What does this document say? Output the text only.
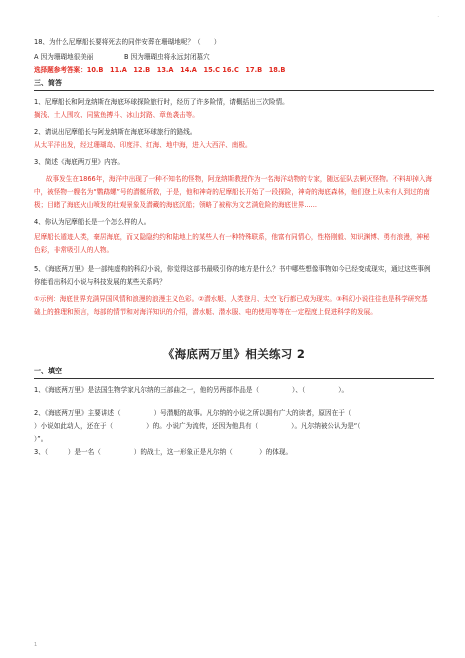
·
18、为什么尼摩船长要将死去的同伴安葬在珊瑚地呢？（　　）
A 因为珊瑚地很美丽	B 因为珊瑚虫将永远封闭墓穴
选择题参考答案：10.B　11.A　12.B　13.A　14.A　15.C 16.C　17.B　18.B
三、简答
1、尼摩船长和阿龙纳斯在海底环球探险旅行时，经历了许多险情，请概括出三次险情。
搁浅、土人围攻、同鲨鱼搏斗、冰山封路、章鱼袭击等。
2、请说出尼摩船长与阿龙纳斯在海底环球旅行的路线。
从太平洋出发，经过珊瑚岛、印度洋、红海、地中海，进入大西洋、南极。
3、简述《海底两万里》内容。
故事发生在1866年，海洋中出现了一种不知名的怪物，阿龙纳斯教授作为一名海洋动物的专家，随远征队去剿灭怪物。不料却掉入海中，被怪物一艘名为“鹦鹉螺”号的潜艇所救，于是，他和神奇的尼摩船长开始了一段探险，神奇的海底森林，他们登上从未有人到过的南极；目睹了海底火山喷发的壮观景象及潜藏的海底沉船；领略了被称为文艺满危险的海底世界......
4、你认为尼摩船长是一个怎么样的人。
尼摩船长遁迹人类，豪居海底，而又隐隐约约和陆地上的某些人有一种特殊联系，他富有同情心，性格刚毅、知识渊博、勇有浪漫，神秘色彩，非常吸引人的人物。
5、《海底两万里》是一部纯虚构的科幻小说，你觉得这部书最吸引你的地方是什么？书中哪些想像事物如今已经变成现实，通过这些事例你能看出科幻小说与科技发展的某些关系吗？
①示例：海底世界充满异国风情和浪漫的浪漫主义色彩。②潜水艇、人类登月、太空飞行都已成为现实。③科幻小说往往也是科学研究基础上的推理和预言，每部的情节和对海洋知识的介绍，潜水艇、潜水服、电的使用等等在一定程度上促进科学的发展。
《海底两万里》相关练习 2
一、填空
1、《海底两万里》是法国生物学家凡尔纳的三部曲之一，他的另两部作品是（　　　　　）、（　　　　　）。
2、《海底两万里》主要讲述（　　　　　）号潜艇的故事。凡尔纳的小说之所以拥有广大的读者，原因在于（
）小说如此动人，还在于（　　　　　）的。小说广为流传，还因为他具有（　　　　　）。凡尔纳被公认为是“（
）”。
3、（　　　）是一名（　　　　　）的战士，这一形象正是凡尔纳（　　　　）的体现。
1
